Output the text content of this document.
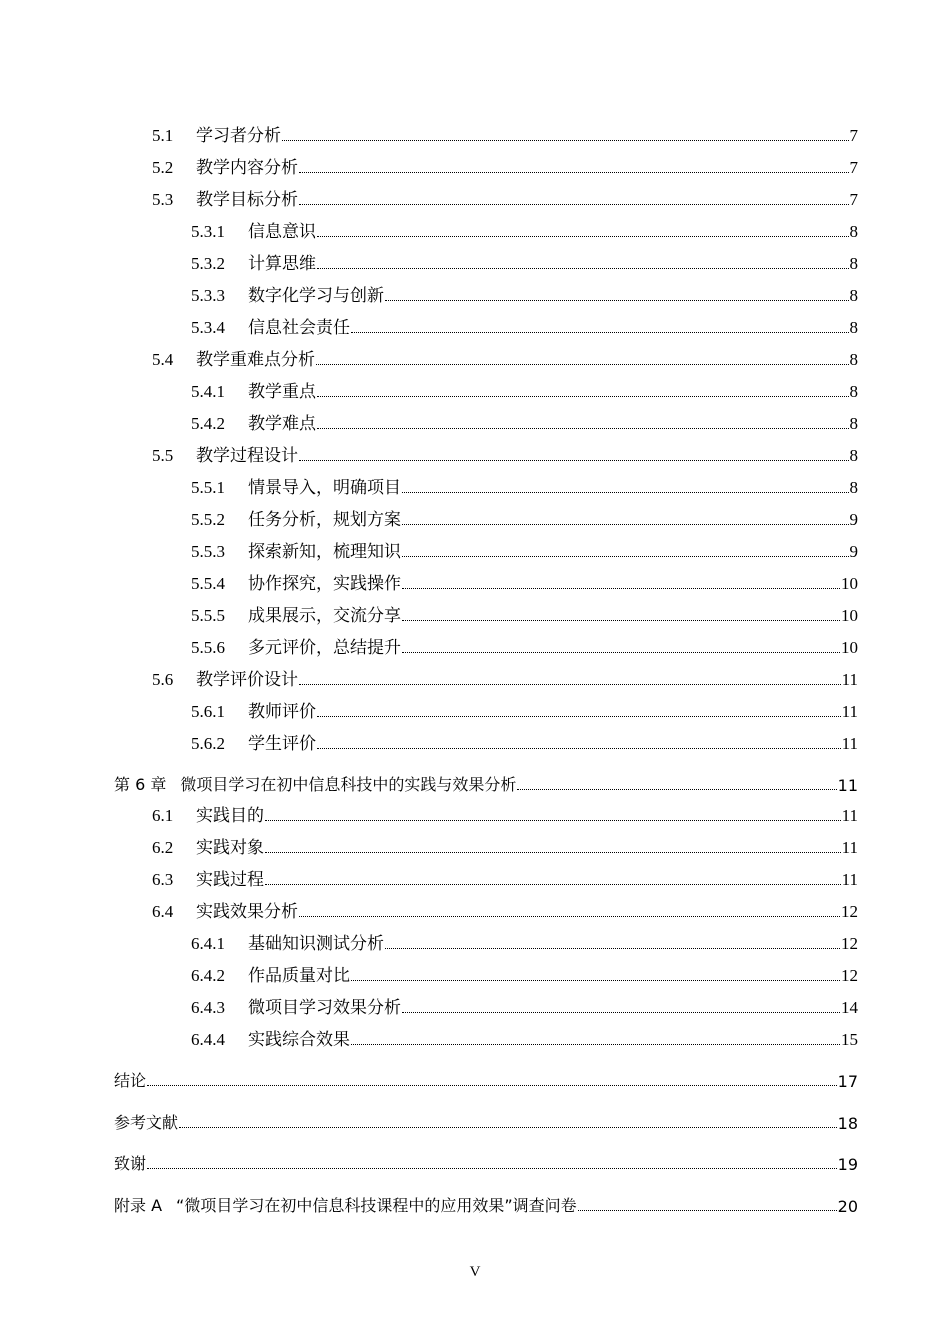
5.1	学习者分析	7
5.2	教学内容分析	7
5.3	教学目标分析	7
5.3.1	信息意识	8
5.3.2	计算思维	8
5.3.3	数字化学习与创新	8
5.3.4	信息社会责任	8
5.4	教学重难点分析	8
5.4.1	教学重点	8
5.4.2	教学难点	8
5.5	教学过程设计	8
5.5.1	情景导入，明确项目	8
5.5.2	任务分析，规划方案	9
5.5.3	探索新知，梳理知识	9
5.5.4	协作探究，实践操作	10
5.5.5	成果展示，交流分享	10
5.5.6	多元评价，总结提升	10
5.6	教学评价设计	11
5.6.1	教师评价	11
5.6.2	学生评价	11
第 6 章 微项目学习在初中信息科技中的实践与效果分析	11
6.1	实践目的	11
6.2	实践对象	11
6.3	实践过程	11
6.4	实践效果分析	12
6.4.1	基础知识测试分析	12
6.4.2	作品质量对比	12
6.4.3	微项目学习效果分析	14
6.4.4	实践综合效果	15
结论	17
参考文献	18
致谢	19
附录 A “微项目学习在初中信息科技课程中的应用效果”调查问卷	20
V
